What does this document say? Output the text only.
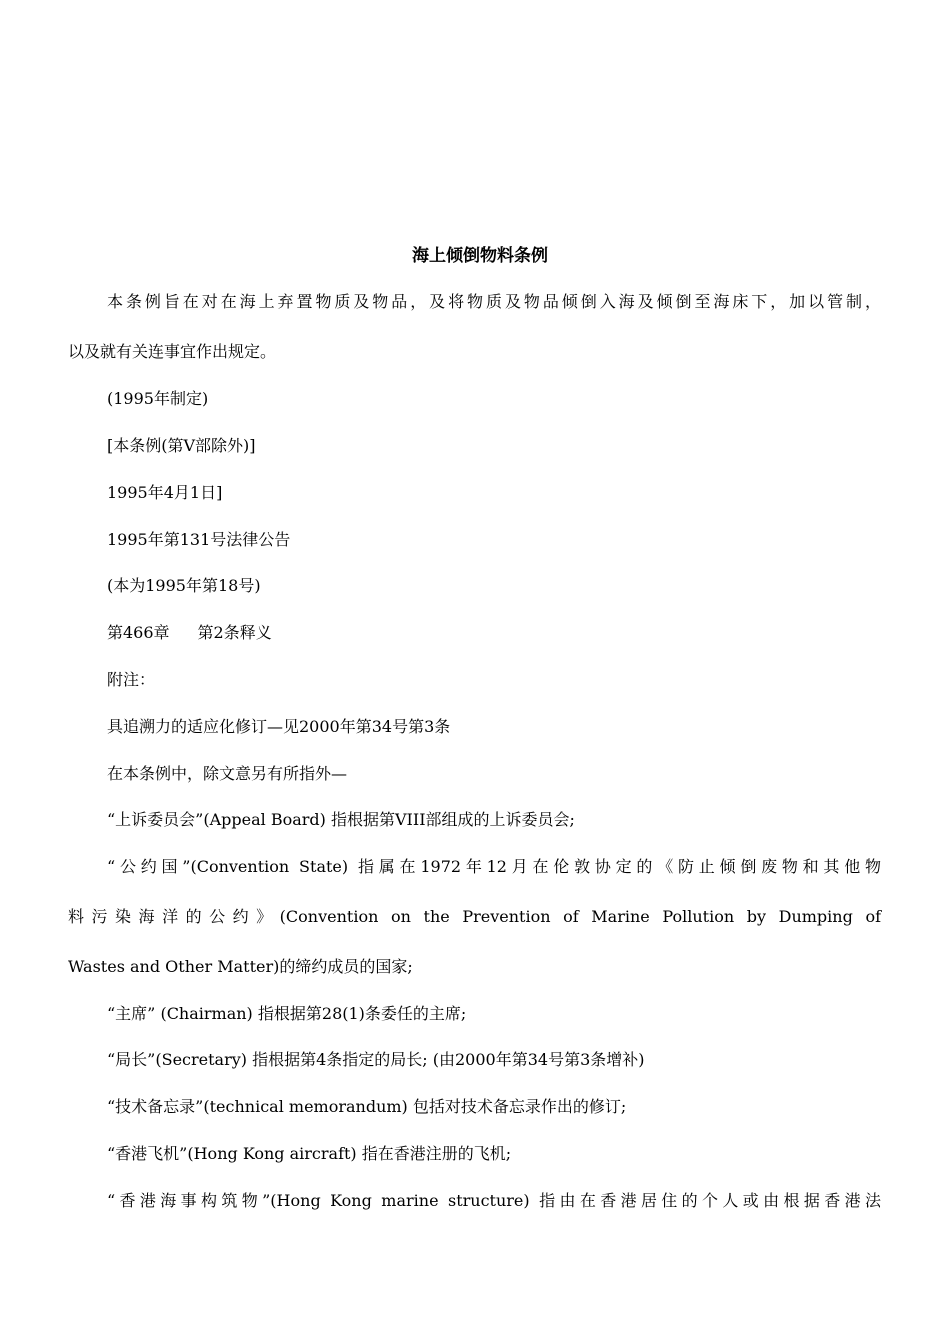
海上倾倒物料条例
本条例旨在对在海上弃置物质及物品，及将物质及物品倾倒入海及倾倒至海床下，加以管制，
以及就有关连事宜作出规定。
(1995年制定)
[本条例(第V部除外)]
1995年4月1日]
1995年第131号法律公告
(本为1995年第18号)
第466章 第2条释义
附注：
具追溯力的适应化修订—见2000年第34号第3条
在本条例中，除文意另有所指外—
“上诉委员会”(Appeal Board) 指根据第VIII部组成的上诉委员会;
“公约国”(Convention State) 指属在1972年12月在伦敦协定的《防止倾倒废物和其他物
料污染海洋的公约》(Convention on the Prevention of Marine Pollution by Dumping of
Wastes and Other Matter)的缔约成员的国家;
“主席” (Chairman) 指根据第28(1)条委任的主席;
“局长”(Secretary) 指根据第4条指定的局长; (由2000年第34号第3条增补)
“技术备忘录”(technical memorandum) 包括对技术备忘录作出的修订;
“香港飞机”(Hong Kong aircraft) 指在香港注册的飞机;
“香港海事构筑物”(Hong Kong marine structure) 指由在香港居住的个人或由根据香港法
